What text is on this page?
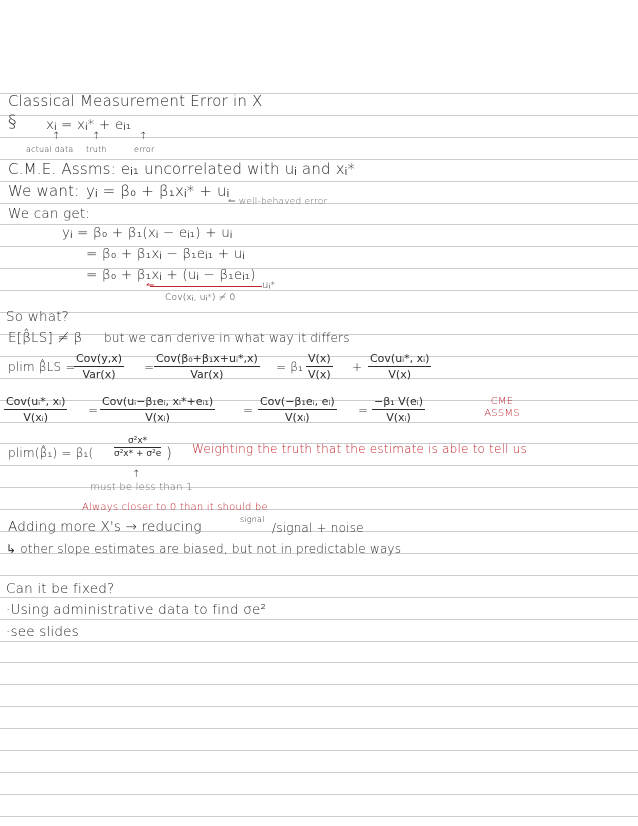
Classical Measurement Error in X
§ xᵢ = xᵢ* + eᵢ₁
↑	↑	↑
actual data truth	error
C.M.E. Assms: eᵢ₁ uncorrelated with uᵢ and xᵢ*
We want: yᵢ = β₀ + β₁xᵢ* + uᵢ
↼ well-behaved error
We can get:
yᵢ = β₀ + β₁(xᵢ − eᵢ₁) + uᵢ
= β₀ + β₁xᵢ − β₁eᵢ₁ + uᵢ
= β₀ + β₁xᵢ + (uᵢ − β₁eᵢ₁)
↼	uᵢ*
Cov(xᵢ, uᵢ*) ≠ 0
So what?
E[β̂LS] ≠ β but we can derive in what way it differs
plim β̂LS =
Cov(y,x)
Var(x)
=
Cov(β₀+β₁x+uᵢ*,x)
Var(x)
= $\beta_1 \frac{V(x)}{V(x)}$ +
Cov(uᵢ*, xᵢ)
V(x)
Cov(uᵢ*, xᵢ)
V(xᵢ)
=
Cov(uᵢ−β₁eᵢ, xᵢ*+eᵢ₁)
V(xᵢ)
=
Cov(−β₁eᵢ, eᵢ)
V(xᵢ)
= $\frac{\text{−β₁ V(eᵢ)}}{\text{V(xᵢ)}}$	CME ASSMS
plim(β̂₁) = $\beta_1( \frac{\text{σ²x*}}{\text{σ²x* + σ²e}}$ ) Weighting the truth that the estimate is able to tell us
↑
must be less than 1
Always closer to 0 than it should be
Adding more X's → reducing	signal
/signal + noise
↳ other slope estimates are biased, but not in predictable ways
Can it be fixed?
·Using administrative data to find σe²
·see slides
